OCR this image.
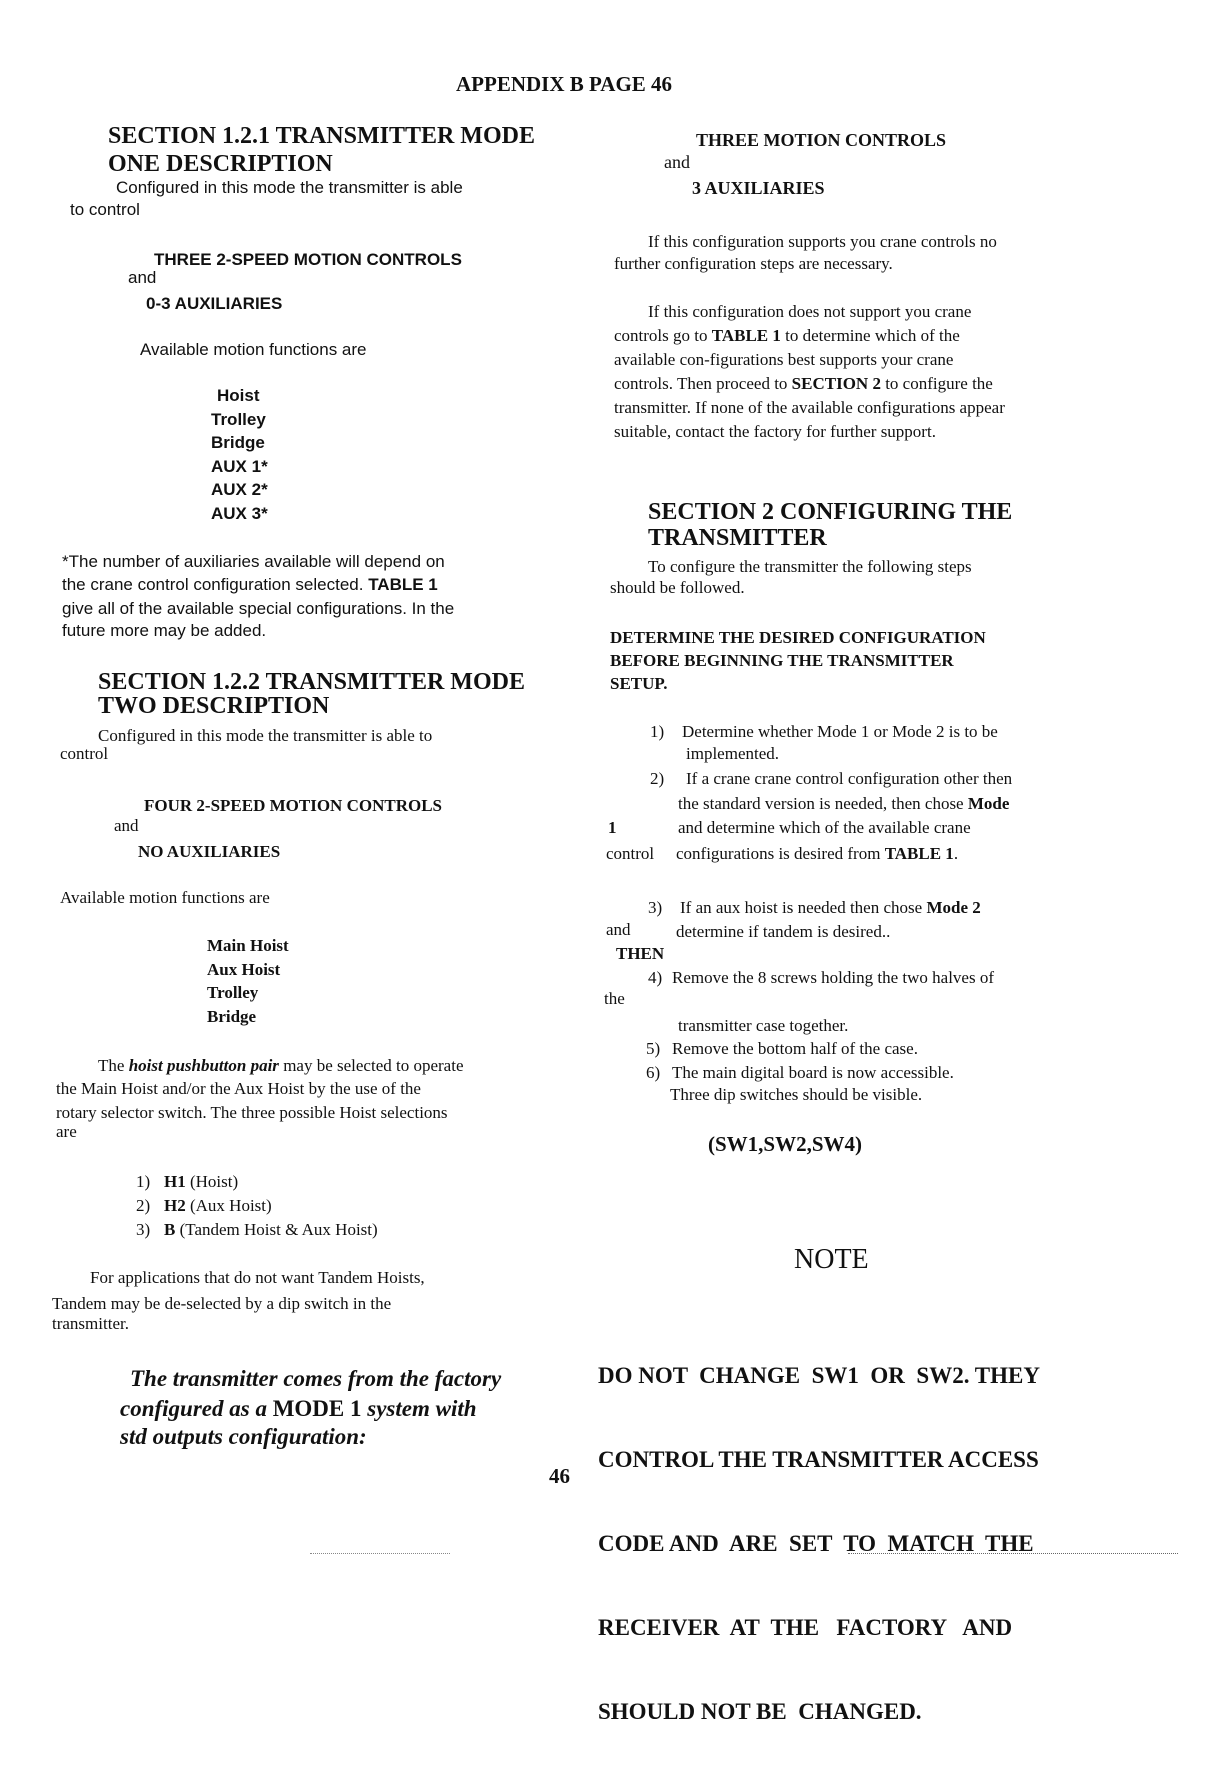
APPENDIX B PAGE 46
SECTION 1.2.1 TRANSMITTER MODE
ONE DESCRIPTION
Configured in this mode the transmitter is able
to control
THREE 2-SPEED MOTION CONTROLS
and
0-3 AUXILIARIES
Available motion functions are
Hoist
Trolley
Bridge
AUX 1*
AUX 2*
AUX 3*
*The number of auxiliaries available will depend on
the crane control configuration selected. TABLE 1
give all of the available special configurations. In the
future more may be added.
SECTION 1.2.2 TRANSMITTER MODE
TWO DESCRIPTION
Configured in this mode the transmitter is able to
control
FOUR 2-SPEED MOTION CONTROLS
and
NO AUXILIARIES
Available motion functions are
Main Hoist
Aux Hoist
Trolley
Bridge
The hoist pushbutton pair may be selected to operate
the Main Hoist and/or the Aux Hoist by the use of the
rotary selector switch. The three possible Hoist selections
are
1) H1 (Hoist)
2) H2 (Aux Hoist)
3) B (Tandem Hoist & Aux Hoist)
For applications that do not want Tandem Hoists,
Tandem may be de-selected by a dip switch in the
transmitter.
The transmitter comes from the factory
configured as a MODE 1 system with
std outputs configuration:
THREE MOTION CONTROLS
and
3 AUXILIARIES
If this configuration supports you crane controls no
further configuration steps are necessary.
If this configuration does not support you crane
controls go to TABLE 1 to determine which of the
available con-figurations best supports your crane
controls. Then proceed to SECTION 2 to configure the
transmitter. If none of the available configurations appear
suitable, contact the factory for further support.
SECTION 2 CONFIGURING THE
TRANSMITTER
To configure the transmitter the following steps
should be followed.
DETERMINE THE DESIRED CONFIGURATION
BEFORE BEGINNING THE TRANSMITTER
SETUP.
1) Determine whether Mode 1 or Mode 2 is to be
implemented.
2) If a crane crane control configuration other then
the standard version is needed, then chose Mode
1	and determine which of the available crane
control configurations is desired from TABLE 1.
3) If an aux hoist is needed then chose Mode 2
and	determine if tandem is desired..
THEN
4) Remove the 8 screws holding the two halves of
the
transmitter case together.
5) Remove the bottom half of the case.
6) The main digital board is now accessible.
Three dip switches should be visible.
(SW1,SW2,SW4)
NOTE

DO NOT  CHANGE  SW1  OR  SW2. THEY

CONTROL THE TRANSMITTER ACCESS

CODE AND  ARE  SET  TO  MATCH  THE

RECEIVER  AT  THE   FACTORY   AND

SHOULD NOT BE  CHANGED.

46
